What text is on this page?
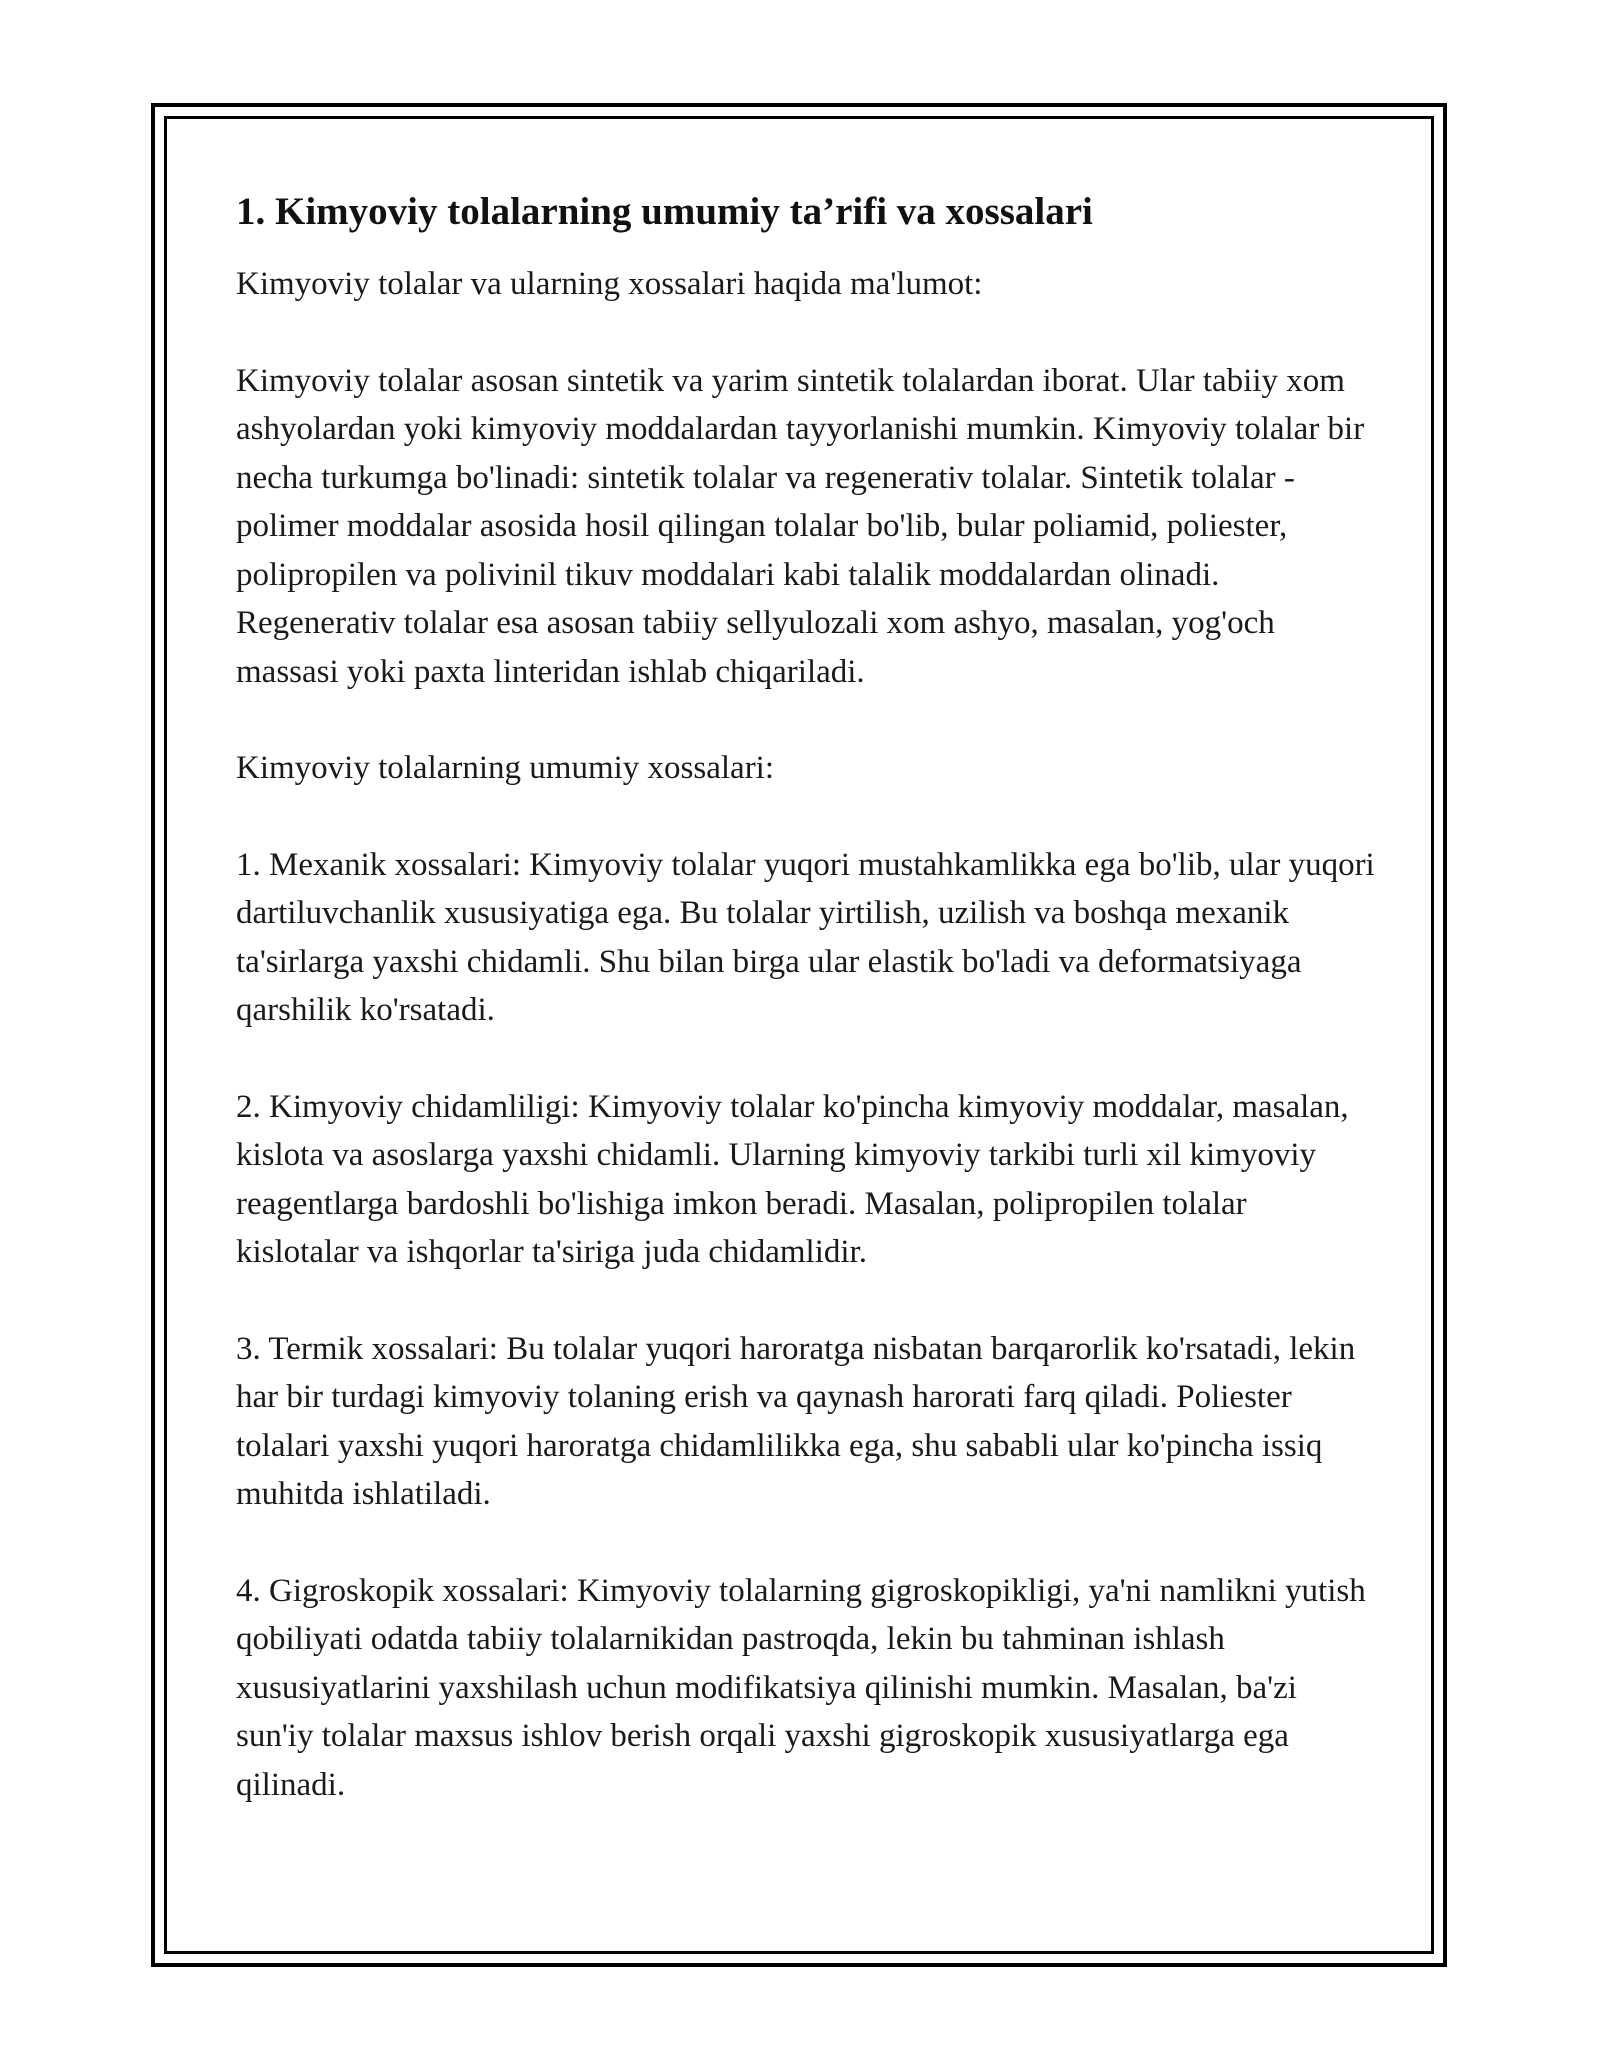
1. Kimyoviy tolalarning umumiy ta’rifi va xossalari

Kimyoviy tolalar va ularning xossalari haqida ma'lumot:

Kimyoviy tolalar asosan sintetik va yarim sintetik tolalardan iborat. Ular tabiiy xom ashyolardan yoki kimyoviy moddalardan tayyorlanishi mumkin. Kimyoviy tolalar bir necha turkumga bo'linadi: sintetik tolalar va regenerativ tolalar. Sintetik tolalar - polimer moddalar asosida hosil qilingan tolalar bo'lib, bular poliamid, poliester, polipropilen va polivinil tikuv moddalari kabi talalik moddalardan olinadi. Regenerativ tolalar esa asosan tabiiy sellyulozali xom ashyo, masalan, yog'och massasi yoki paxta linteridan ishlab chiqariladi.

Kimyoviy tolalarning umumiy xossalari:

1. Mexanik xossalari: Kimyoviy tolalar yuqori mustahkamlikka ega bo'lib, ular yuqori dartiluvchanlik xususiyatiga ega. Bu tolalar yirtilish, uzilish va boshqa mexanik ta'sirlarga yaxshi chidamli. Shu bilan birga ular elastik bo'ladi va deformatsiyaga qarshilik ko'rsatadi.

2. Kimyoviy chidamliligi: Kimyoviy tolalar ko'pincha kimyoviy moddalar, masalan, kislota va asoslarga yaxshi chidamli. Ularning kimyoviy tarkibi turli xil kimyoviy reagentlarga bardoshli bo'lishiga imkon beradi. Masalan, polipropilen tolalar kislotalar va ishqorlar ta'siriga juda chidamlidir.

3. Termik xossalari: Bu tolalar yuqori haroratga nisbatan barqarorlik ko'rsatadi, lekin har bir turdagi kimyoviy tolaning erish va qaynash harorati farq qiladi. Poliester tolalari yaxshi yuqori haroratga chidamlilikka ega, shu sababli ular ko'pincha issiq muhitda ishlatiladi.

4. Gigroskopik xossalari: Kimyoviy tolalarning gigroskopikligi, ya'ni namlikni yutish qobiliyati odatda tabiiy tolalarnikidan pastroqda, lekin bu tahminan ishlash xususiyatlarini yaxshilash uchun modifikatsiya qilinishi mumkin. Masalan, ba'zi sun'iy tolalar maxsus ishlov berish orqali yaxshi gigroskopik xususiyatlarga ega qilinadi.
